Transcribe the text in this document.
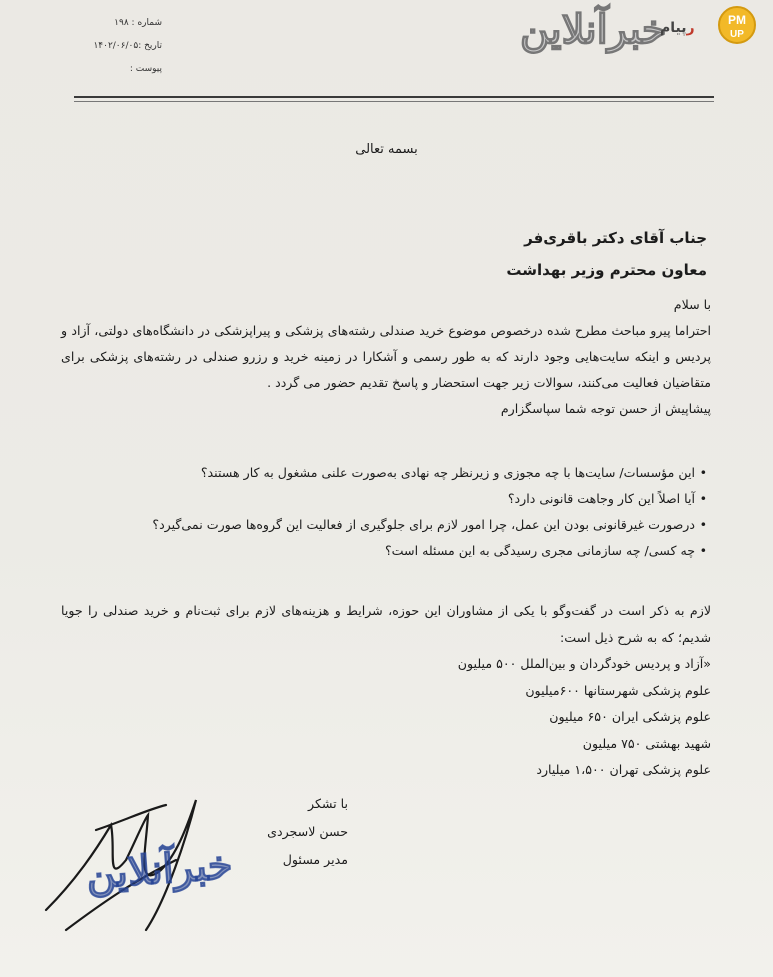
شماره : ۱۹۸
تاریخ :۱۴۰۲/۰۶/۰۵
پیوست :
خبرآنلاین	رپیام	PM
UP
بسمه تعالی
جناب آقای دکتر باقری‌فر
معاون محترم وزیر بهداشت

با سلام

احتراما پیرو مباحث مطرح شده درخصوص موضوع خرید صندلی رشته‌های پزشکی و پیراپزشکی در دانشگاه‌های دولتی، آزاد و پردیس و اینکه سایت‌هایی وجود دارند که به طور رسمی و آشکارا در زمینه خرید و رزرو صندلی در رشته‌های پزشکی برای متقاضیان فعالیت می‌کنند، سوالات زیر جهت استحضار و پاسخ تقدیم حضور می گردد .

پیشاپیش از حسن توجه شما سپاسگزارم

• این مؤسسات/ سایت‌ها با چه مجوزی و زیرنظر چه نهادی به‌صورت علنی مشغول به کار هستند؟
• آیا اصلاً این کار وجاهت قانونی دارد؟
• درصورت غیرقانونی بودن این عمل، چرا امور لازم برای جلوگیری از فعالیت این گروه‌ها صورت نمی‌گیرد؟
• چه کسی/ چه سازمانی مجری رسیدگی به این مسئله است؟
لازم به ذکر است در گفت‌وگو با یکی از مشاوران این حوزه، شرایط و هزینه‌های لازم برای ثبت‌نام و خرید صندلی را جویا شدیم؛ که به شرح ذیل است:
«آزاد و پردیس خودگردان و بین‌الملل ۵۰۰ میلیون
علوم پزشکی شهرستانها ۶۰۰میلیون
علوم پزشکی ایران ۶۵۰ میلیون
شهید بهشتی ۷۵۰ میلیون
علوم پزشکی تهران ۱،۵۰۰ میلیارد
با تشکر
حسن لاسجردی
مدیر مسئول
خبرآنلاین
